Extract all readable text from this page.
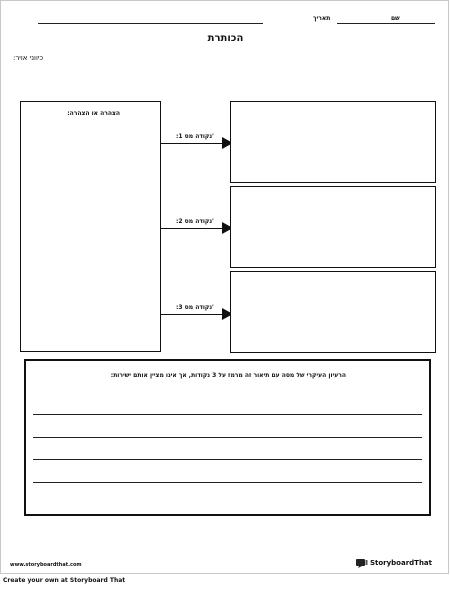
שם
תאריך
הכותרת
:כיווני אויר
:הצהרה או הצהרה
:נקודה מס 1'
:נקודה מס 2'
:נקודה מס 3'
:הרעיון העיקרי של מסה עם תיאור זה מרמז על 3 נקודות, אך אינו מציין אותם ישירות
www.storyboardthat.com	StoryboardThat
Create your own at Storyboard That
